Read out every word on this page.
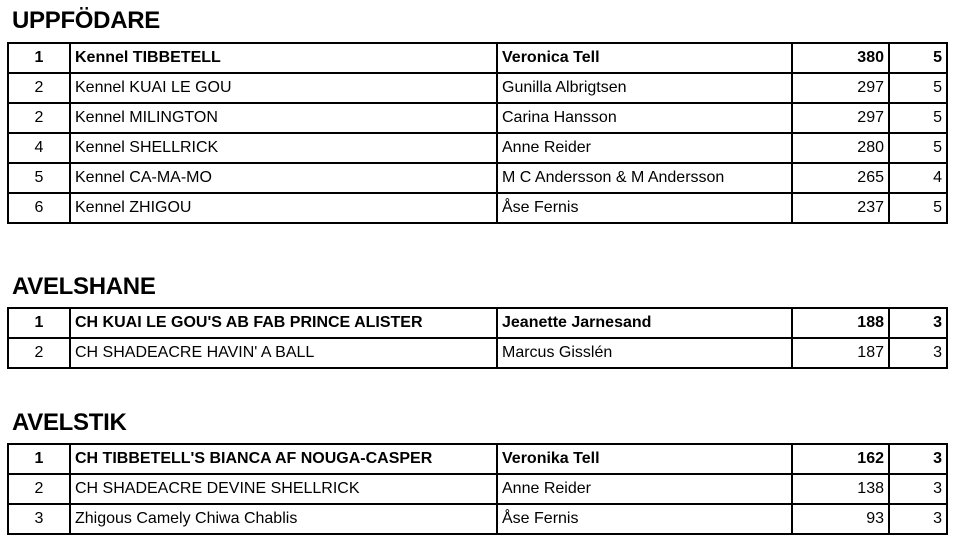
UPPFÖDARE
1	Kennel TIBBETELL	Veronica Tell	380	5
2	Kennel KUAI LE GOU	Gunilla Albrigtsen	297	5
2	Kennel MILINGTON	Carina Hansson	297	5
4	Kennel SHELLRICK	Anne Reider	280	5
5	Kennel CA-MA-MO	M C Andersson & M Andersson	265	4
6	Kennel ZHIGOU	Åse Fernis	237	5
AVELSHANE
1	CH KUAI LE GOU'S AB FAB PRINCE ALISTER	Jeanette Jarnesand	188	3
2	CH SHADEACRE HAVIN' A BALL	Marcus Gisslén	187	3
AVELSTIK
1	CH TIBBETELL'S BIANCA AF NOUGA-CASPER	Veronika Tell	162	3
2	CH SHADEACRE DEVINE SHELLRICK	Anne Reider	138	3
3	Zhigous Camely Chiwa Chablis	Åse Fernis	93	3
